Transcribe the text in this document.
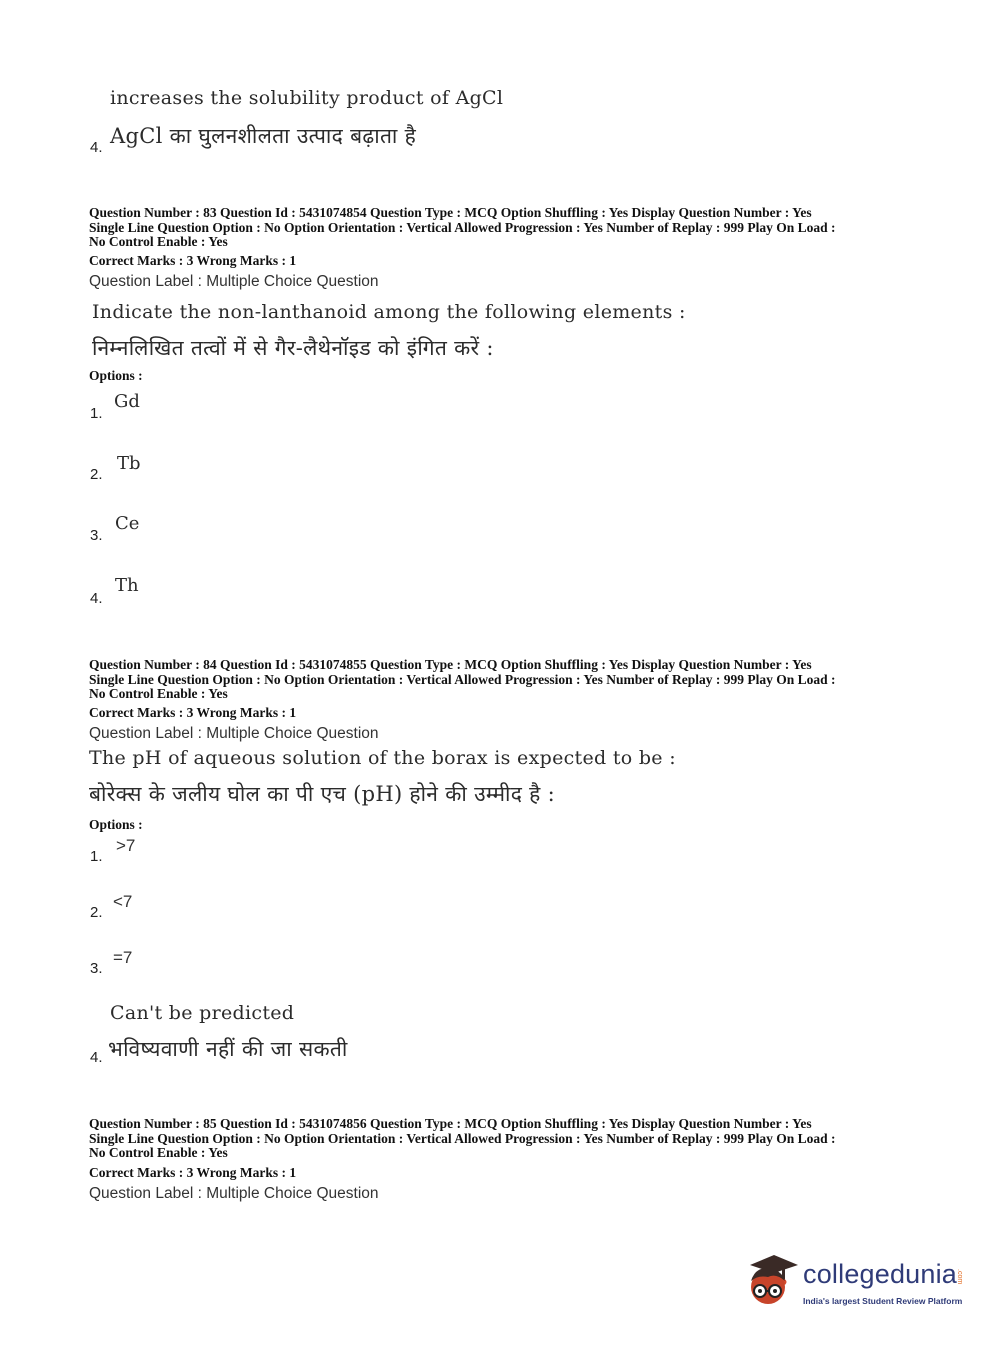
increases the solubility product of AgCl
4. AgCl का घुलनशीलता उत्पाद बढ़ाता है
Question Number : 83 Question Id : 5431074854 Question Type : MCQ Option Shuffling : Yes Display Question Number : Yes
Single Line Question Option : No Option Orientation : Vertical Allowed Progression : Yes Number of Replay : 999 Play On Load :
No Control Enable : Yes
Correct Marks : 3 Wrong Marks : 1
Question Label : Multiple Choice Question
Indicate the non-lanthanoid among the following elements :
निम्नलिखित तत्वों में से गैर-लैथेनॉइड को इंगित करें :
Options :
1.
Gd
2.
Tb
3.
Ce
4.
Th
Question Number : 84 Question Id : 5431074855 Question Type : MCQ Option Shuffling : Yes Display Question Number : Yes
Single Line Question Option : No Option Orientation : Vertical Allowed Progression : Yes Number of Replay : 999 Play On Load :
No Control Enable : Yes
Correct Marks : 3 Wrong Marks : 1
Question Label : Multiple Choice Question
The pH of aqueous solution of the borax is expected to be :
बोरेक्स के जलीय घोल का पी एच (pH) होने की उम्मीद है :
Options :
1.
>7
2.
<7
3.
=7
Can't be predicted
4. भविष्यवाणी नहीं की जा सकती
Question Number : 85 Question Id : 5431074856 Question Type : MCQ Option Shuffling : Yes Display Question Number : Yes
Single Line Question Option : No Option Orientation : Vertical Allowed Progression : Yes Number of Replay : 999 Play On Load :
No Control Enable : Yes
Correct Marks : 3 Wrong Marks : 1
Question Label : Multiple Choice Question
collegedunia
.com
India's largest Student Review Platform
